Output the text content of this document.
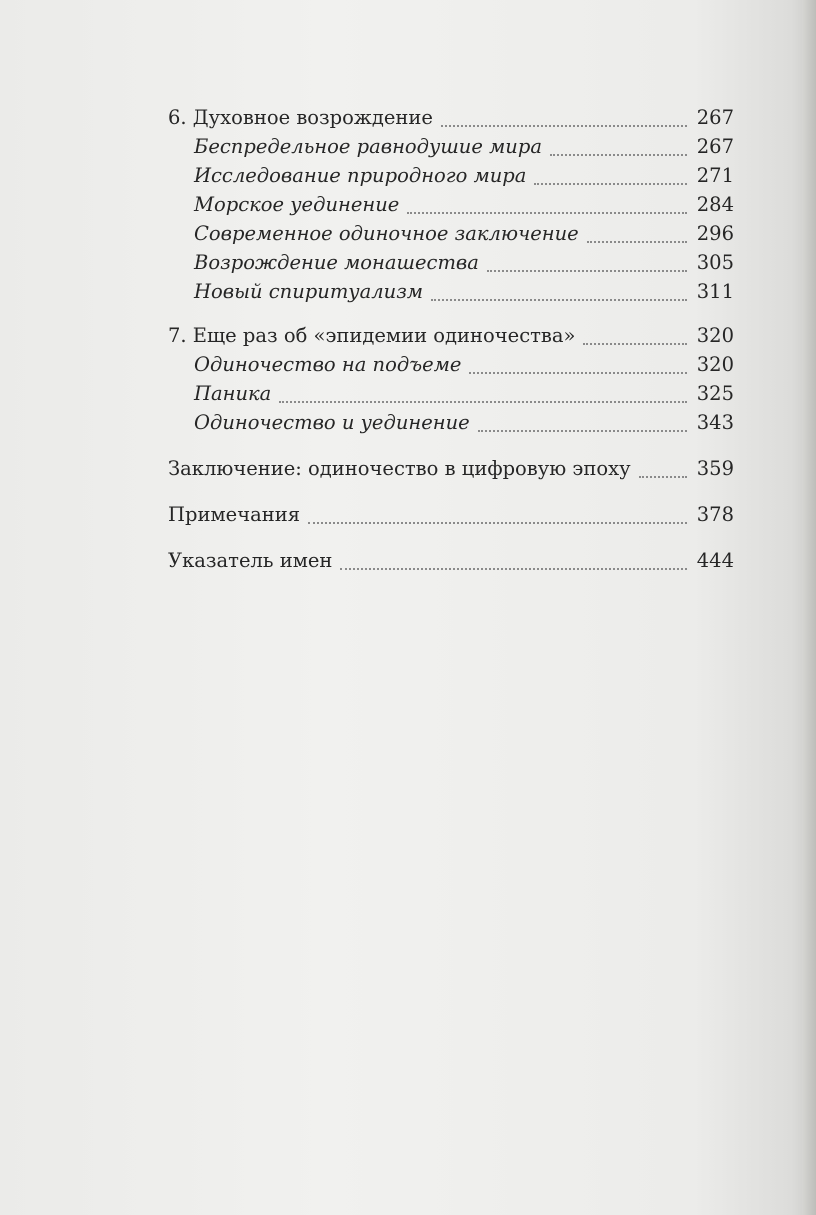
6. Духовное возрождение	267
Беспредельное равнодушие мира	267
Исследование природного мира	271
Морское уединение	284
Современное одиночное заключение	296
Возрождение монашества	305
Новый спиритуализм	311
7. Еще раз об «эпидемии одиночества»	320
Одиночество на подъеме	320
Паника	325
Одиночество и уединение	343
Заключение: одиночество в цифровую эпоху	359
Примечания	378
Указатель имен	444
